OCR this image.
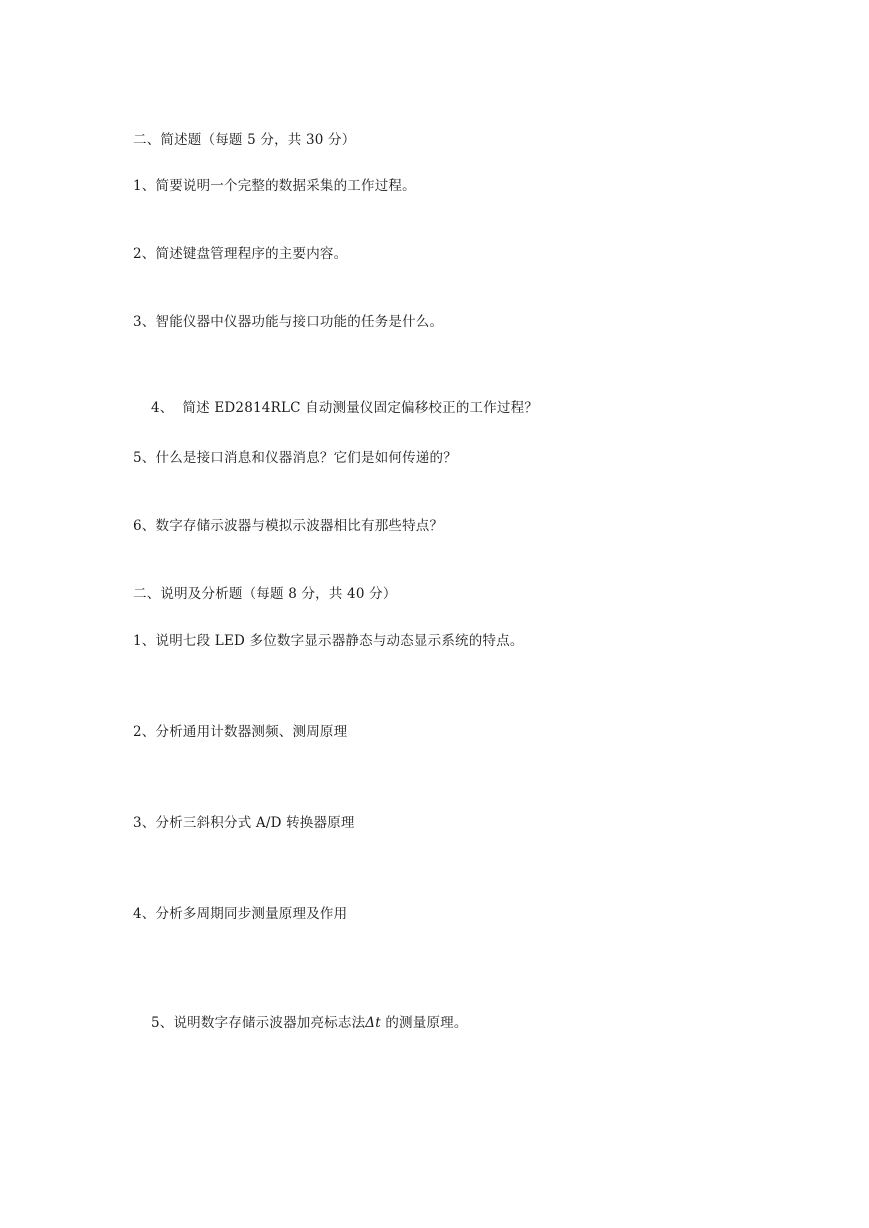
二、简述题（每题 5 分，共 30 分）
1、简要说明一个完整的数据采集的工作过程。
2、简述键盘管理程序的主要内容。
3、智能仪器中仪器功能与接口功能的任务是什么。

4、  简述 ED2814RLC 自动测量仪固定偏移校正的工作过程？

5、什么是接口消息和仪器消息？它们是如何传递的？
6、数字存储示波器与模拟示波器相比有那些特点？
二、说明及分析题（每题 8 分，共 40 分）
1、说明七段 LED 多位数字显示器静态与动态显示系统的特点。
2、分析通用计数器测频、测周原理
3、分析三斜积分式 A/D 转换器原理
4、分析多周期同步测量原理及作用

5、说明数字存储示波器加亮标志法Δt 的测量原理。
